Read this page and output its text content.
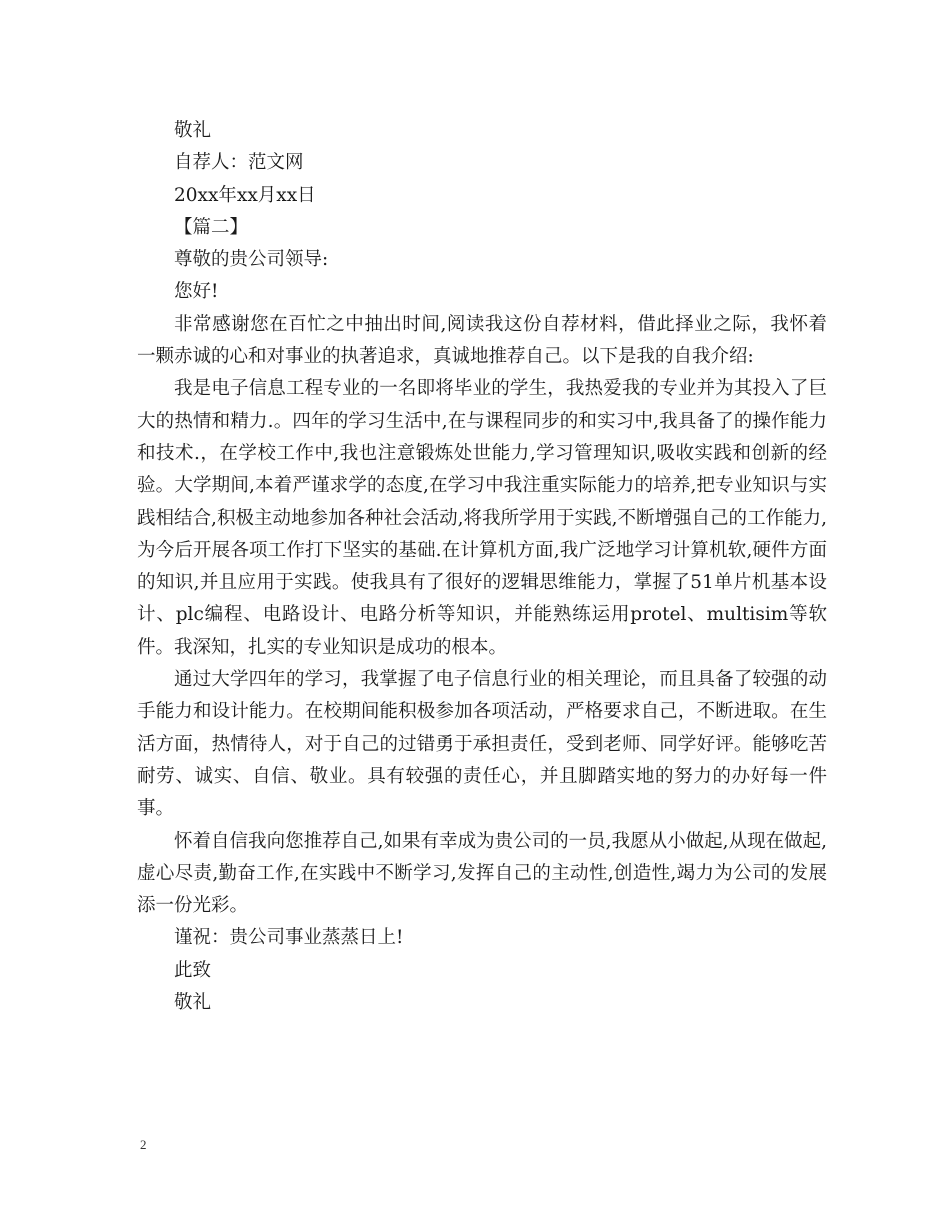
敬礼
自荐人：范文网
20xx年xx月xx日
【篇二】
尊敬的贵公司领导:
您好!
非常感谢您在百忙之中抽出时间,阅读我这份自荐材料，借此择业之际，我怀着一颗赤诚的心和对事业的执著追求，真诚地推荐自己。以下是我的自我介绍:
我是电子信息工程专业的一名即将毕业的学生，我热爱我的专业并为其投入了巨大的热情和精力.。四年的学习生活中,在与课程同步的和实习中,我具备了的操作能力和技术.，在学校工作中,我也注意锻炼处世能力,学习管理知识,吸收实践和创新的经验。大学期间,本着严谨求学的态度,在学习中我注重实际能力的培养,把专业知识与实践相结合,积极主动地参加各种社会活动,将我所学用于实践,不断增强自己的工作能力,为今后开展各项工作打下坚实的基础.在计算机方面,我广泛地学习计算机软,硬件方面的知识,并且应用于实践。使我具有了很好的逻辑思维能力，掌握了51单片机基本设计、plc编程、电路设计、电路分析等知识，并能熟练运用protel、multisim等软件。我深知，扎实的专业知识是成功的根本。
通过大学四年的学习，我掌握了电子信息行业的相关理论，而且具备了较强的动手能力和设计能力。在校期间能积极参加各项活动，严格要求自己，不断进取。在生活方面，热情待人，对于自己的过错勇于承担责任，受到老师、同学好评。能够吃苦耐劳、诚实、自信、敬业。具有较强的责任心，并且脚踏实地的努力的办好每一件事。
怀着自信我向您推荐自己,如果有幸成为贵公司的一员,我愿从小做起,从现在做起,虚心尽责,勤奋工作,在实践中不断学习,发挥自己的主动性,创造性,竭力为公司的发展添一份光彩。
谨祝：贵公司事业蒸蒸日上!
此致
敬礼
2
